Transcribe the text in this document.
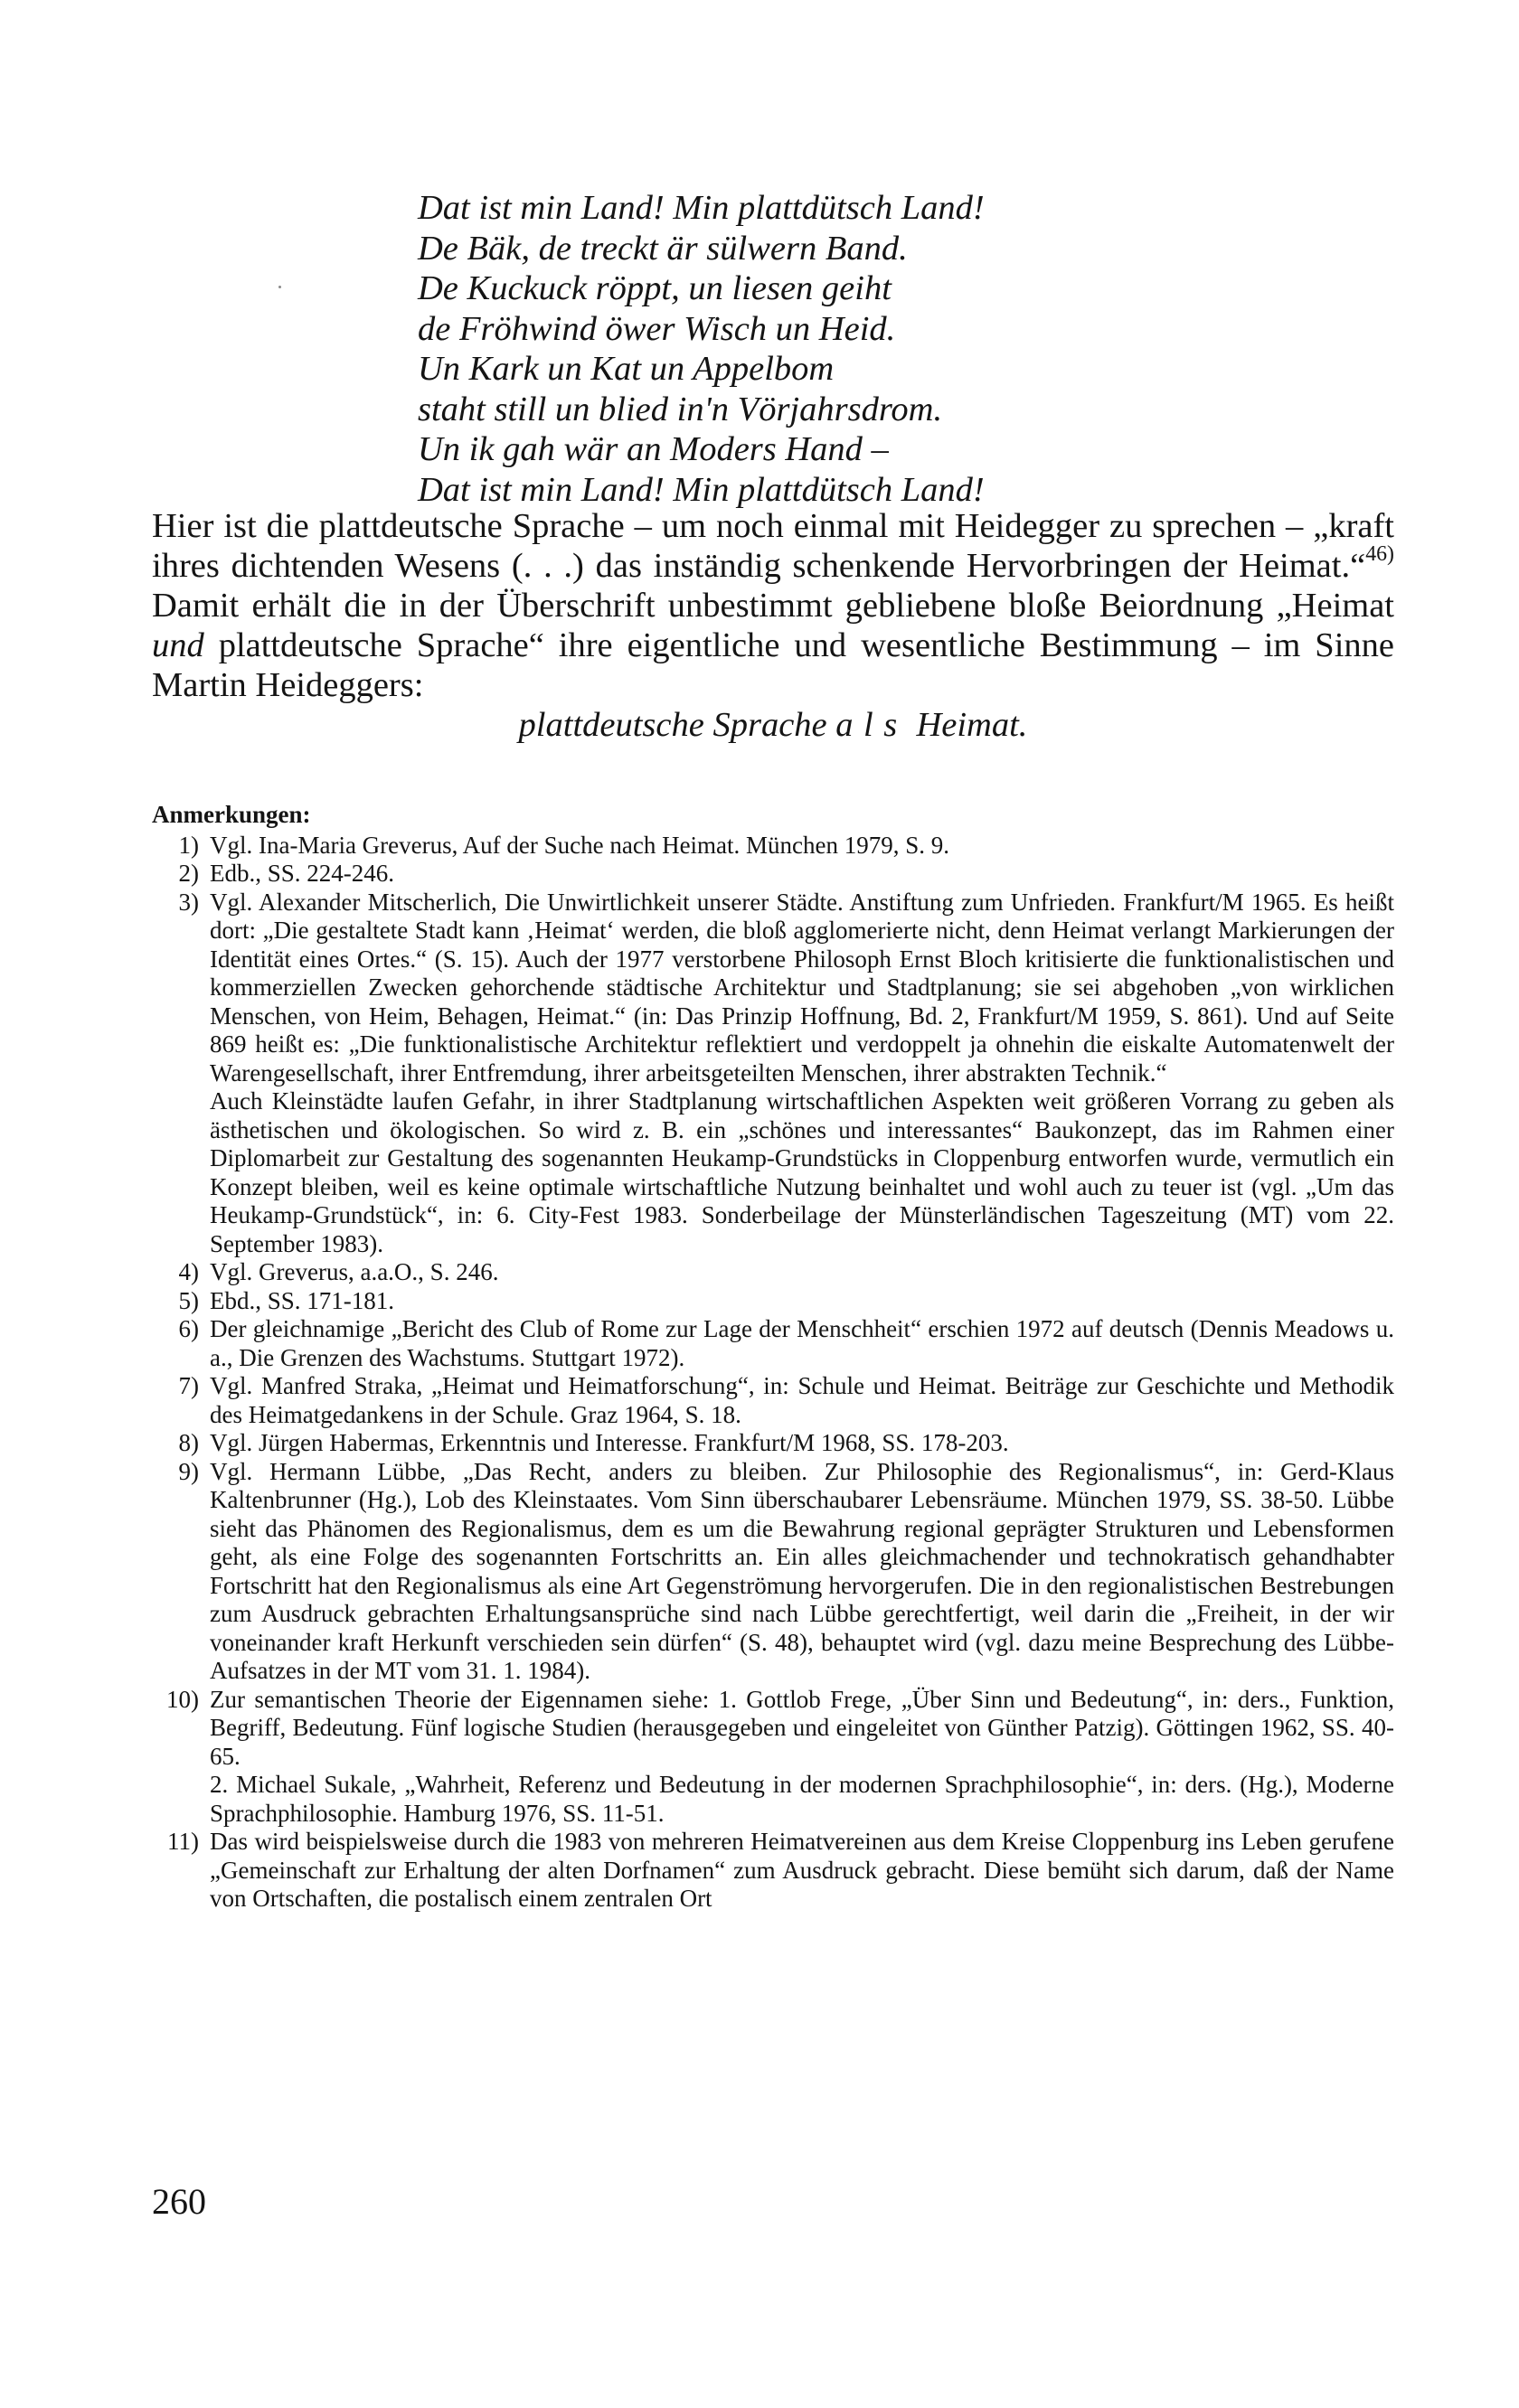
Dat ist min Land! Min plattdütsch Land!
De Bäk, de treckt är sülwern Band.
De Kuckuck röppt, un liesen geiht
de Fröhwind öwer Wisch un Heid.
Un Kark un Kat un Appelbom
staht still un blied in'n Vörjahrsdrom.
Un ik gah wär an Moders Hand –
Dat ist min Land! Min plattdütsch Land!

Hier ist die plattdeutsche Sprache – um noch einmal mit Heidegger zu sprechen – „kraft ihres dichtenden Wesens (. . .) das inständig schenkende Hervorbringen der Heimat.“$^{46)}$ Damit erhält die in der Überschrift unbestimmt gebliebene bloße Beiordnung „Heimat und plattdeutsche Sprache“ ihre eigentliche und wesentliche Bestimmung – im Sinne Martin Heideggers:

plattdeutsche Sprache als Heimat.

Anmerkungen:
1) Vgl. Ina-Maria Greverus, Auf der Suche nach Heimat. München 1979, S. 9.

2) Edb., SS. 224-246.

3) Vgl. Alexander Mitscherlich, Die Unwirtlichkeit unserer Städte. Anstiftung zum Unfrieden. Frankfurt/M 1965. Es heißt dort: „Die gestaltete Stadt kann ‚Heimat‘ werden, die bloß agglomerierte nicht, denn Heimat verlangt Markierungen der Identität eines Ortes.“ (S. 15). Auch der 1977 verstorbene Philosoph Ernst Bloch kritisierte die funktionalistischen und kommerziellen Zwecken gehorchende städtische Architektur und Stadtplanung; sie sei abgehoben „von wirklichen Menschen, von Heim, Behagen, Heimat.“ (in: Das Prinzip Hoffnung, Bd. 2, Frankfurt/M 1959, S. 861). Und auf Seite 869 heißt es: „Die funktionalistische Architektur reflektiert und verdoppelt ja ohnehin die eiskalte Automatenwelt der Warengesellschaft, ihrer Entfremdung, ihrer arbeitsgeteilten Menschen, ihrer abstrakten Technik.“

Auch Kleinstädte laufen Gefahr, in ihrer Stadtplanung wirtschaftlichen Aspekten weit größeren Vorrang zu geben als ästhetischen und ökologischen. So wird z. B. ein „schönes und interessantes“ Baukonzept, das im Rahmen einer Diplomarbeit zur Gestaltung des sogenannten Heukamp-Grundstücks in Cloppenburg entworfen wurde, vermutlich ein Konzept bleiben, weil es keine optimale wirtschaftliche Nutzung beinhaltet und wohl auch zu teuer ist (vgl. „Um das Heukamp-Grundstück“, in: 6. City-Fest 1983. Sonderbeilage der Münsterländischen Tageszeitung (MT) vom 22. September 1983).

4) Vgl. Greverus, a.a.O., S. 246.

5) Ebd., SS. 171-181.

6) Der gleichnamige „Bericht des Club of Rome zur Lage der Menschheit“ erschien 1972 auf deutsch (Dennis Meadows u. a., Die Grenzen des Wachstums. Stuttgart 1972).

7) Vgl. Manfred Straka, „Heimat und Heimatforschung“, in: Schule und Heimat. Beiträge zur Geschichte und Methodik des Heimatgedankens in der Schule. Graz 1964, S. 18.

8) Vgl. Jürgen Habermas, Erkenntnis und Interesse. Frankfurt/M 1968, SS. 178-203.

9) Vgl. Hermann Lübbe, „Das Recht, anders zu bleiben. Zur Philosophie des Regionalismus“, in: Gerd-Klaus Kaltenbrunner (Hg.), Lob des Kleinstaates. Vom Sinn überschaubarer Lebensräume. München 1979, SS. 38-50. Lübbe sieht das Phänomen des Regionalismus, dem es um die Bewahrung regional geprägter Strukturen und Lebensformen geht, als eine Folge des sogenannten Fortschritts an. Ein alles gleichmachender und technokratisch gehandhabter Fortschritt hat den Regionalismus als eine Art Gegenströmung hervorgerufen. Die in den regionalistischen Bestrebungen zum Ausdruck gebrachten Erhaltungsansprüche sind nach Lübbe gerechtfertigt, weil darin die „Freiheit, in der wir voneinander kraft Herkunft verschieden sein dürfen“ (S. 48), behauptet wird (vgl. dazu meine Besprechung des Lübbe-Aufsatzes in der MT vom 31. 1. 1984).

10) Zur semantischen Theorie der Eigennamen siehe: 1. Gottlob Frege, „Über Sinn und Bedeutung“, in: ders., Funktion, Begriff, Bedeutung. Fünf logische Studien (herausgegeben und eingeleitet von Günther Patzig). Göttingen 1962, SS. 40-65.

2. Michael Sukale, „Wahrheit, Referenz und Bedeutung in der modernen Sprachphilosophie“, in: ders. (Hg.), Moderne Sprachphilosophie. Hamburg 1976, SS. 11-51.

11) Das wird beispielsweise durch die 1983 von mehreren Heimatvereinen aus dem Kreise Cloppenburg ins Leben gerufene „Gemeinschaft zur Erhaltung der alten Dorfnamen“ zum Ausdruck gebracht. Diese bemüht sich darum, daß der Name von Ortschaften, die postalisch einem zentralen Ort

260
